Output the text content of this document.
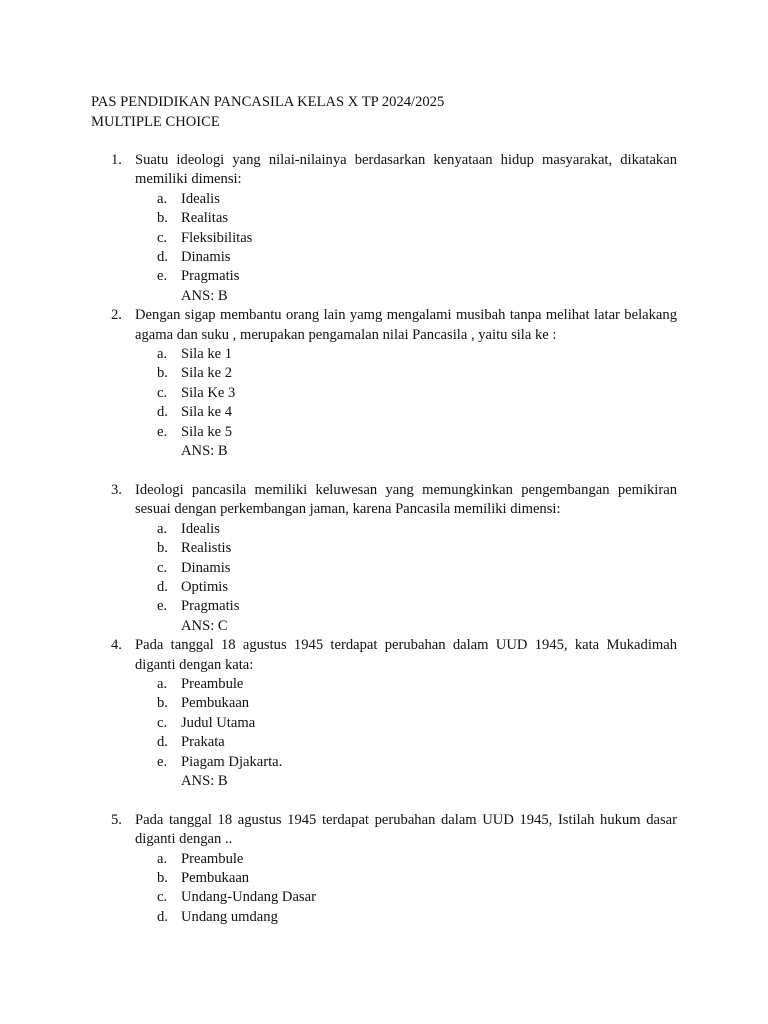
PAS PENDIDIKAN PANCASILA KELAS X TP 2024/2025
MULTIPLE CHOICE
1. Suatu ideologi yang nilai-nilainya berdasarkan kenyataan hidup masyarakat, dikatakan memiliki dimensi:
a. Idealis
b. Realitas
c. Fleksibilitas
d. Dinamis
e. Pragmatis
ANS: B
2. Dengan sigap membantu orang lain yamg mengalami musibah tanpa melihat latar belakang agama dan suku , merupakan pengamalan nilai Pancasila , yaitu sila ke :
a. Sila ke 1
b. Sila ke 2
c. Sila Ke 3
d. Sila ke 4
e. Sila ke 5
ANS: B
3. Ideologi pancasila memiliki keluwesan yang memungkinkan pengembangan pemikiran sesuai dengan perkembangan jaman, karena Pancasila memiliki dimensi:
a. Idealis
b. Realistis
c. Dinamis
d. Optimis
e. Pragmatis
ANS: C
4. Pada tanggal 18 agustus 1945 terdapat perubahan dalam UUD 1945, kata Mukadimah diganti dengan kata:
a. Preambule
b. Pembukaan
c. Judul Utama
d. Prakata
e. Piagam Djakarta.
ANS: B
5. Pada tanggal 18 agustus 1945 terdapat perubahan dalam UUD 1945, Istilah hukum dasar diganti dengan ..
a. Preambule
b. Pembukaan
c. Undang-Undang Dasar
d. Undang umdang
